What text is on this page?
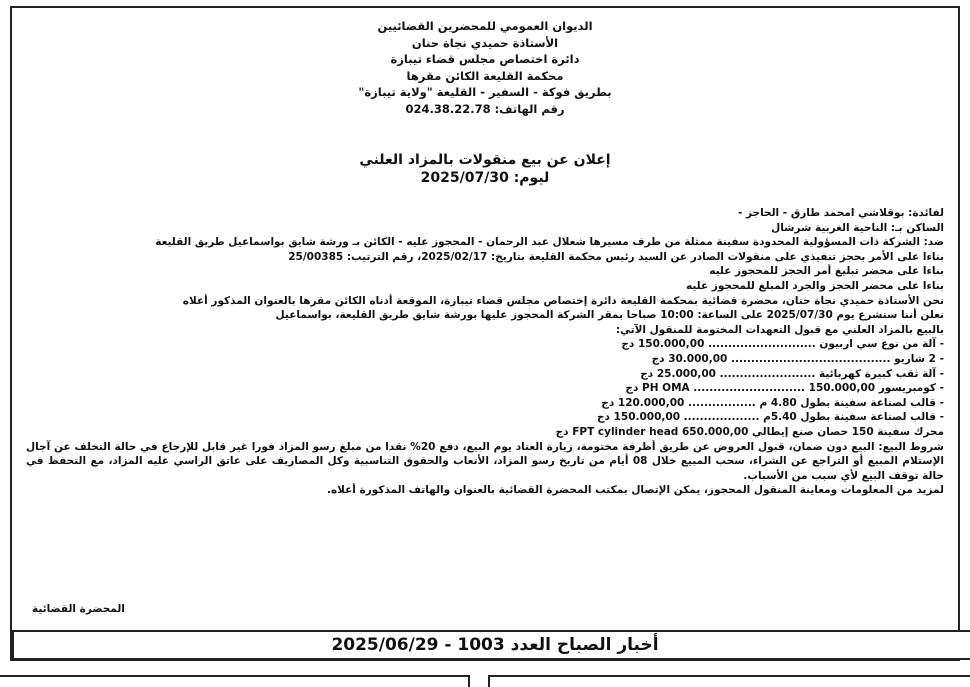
الديوان العمومي للمحضرين القضائيين
الأستاذة حميدي نجاة حنان
دائرة اختصاص مجلس قضاء تيبازة
محكمة القليعة الكائن مقرها
بطريق فوكة - السفير - القليعة "ولاية تيبازة"
رقم الهاتف: 024.38.22.78
إعلان عن بيع منقولات بالمزاد العلني
ليوم: 2025/07/30

لفائدة: بوقلاشي امحمد طارق - الحاجز -

الساكن بـ: الناحية الغربية شرشال

ضد: الشركة ذات المسؤولية المحدودة سفينة ممثلة من طرف مسيرها شعلال عبد الرحمان - المحجوز عليه - الكائن بـ ورشة شايق بواسماعيل طريق القليعة

بناءا على الأمر بحجز تنفيذي على منقولات الصادر عن السيد رئيس محكمة القليعة بتاريخ: 2025/02/17، رقم الترتيب: 25/00385

بناءا على محضر تبليغ أمر الحجز للمحجوز عليه

بناءا على محضر الحجز والجرد المبلغ للمحجوز عليه

نحن الأستاذة حميدي نجاة حنان، محضرة قضائية بمحكمة القليعة دائرة إختصاص مجلس قضاء تيبازة، الموقعة أدناه الكائن مقرها بالعنوان المذكور أعلاه

نعلن أننا سنشرع يوم 2025/07/30 على الساعة: 10:00 صباحا بمقر الشركة المحجوز عليها بورشة شايق طريق القليعة، بواسماعيل

بالبيع بالمزاد العلني مع قبول التعهدات المختومة للمنقول الآتي:

- آلة من نوع سي اربيون ........................... 150.000,00 دج

- 2 شاريو ........................................ 30.000,00 دج

- آلة ثقب كبيرة كهربائية ........................ 25.000,00 دج

- كومبريسور PH OMA ............................ 150.000,00 دج

- قالب لصناعة سفينة بطول 4.80 م ................. 120.000,00 دج

- قالب لصناعة سفينة بطول 5.40م ................... 150.000,00 دج

محرك سفينة 150 حصان صنع إيطالي FPT cylinder head 650.000,00 دج

شروط البيع: البيع دون ضمان، قبول العروض عن طريق أظرفة مختومة، زيارة العتاد يوم البيع، دفع 20% نقدا من مبلغ رسو المزاد فورا غير قابل للإرجاع في حالة التخلف عن آجال الإستلام المبيع أو التراجع عن الشراء، سحب المبيع خلال 08 أيام من تاريخ رسو المزاد، الأتعاب والحقوق التناسبية وكل المصاريف على عاتق الراسي عليه المزاد، مع التحفظ في حالة توقف البيع لأي سبب من الأسباب.

لمزيد من المعلومات ومعاينة المنقول المحجوز، يمكن الإتصال بمكتب المحضرة القضائية بالعنوان والهاتف المذكورة أعلاه.

المحضرة القضائية
أخبار الصباح العدد 1003 - 2025/06/29
